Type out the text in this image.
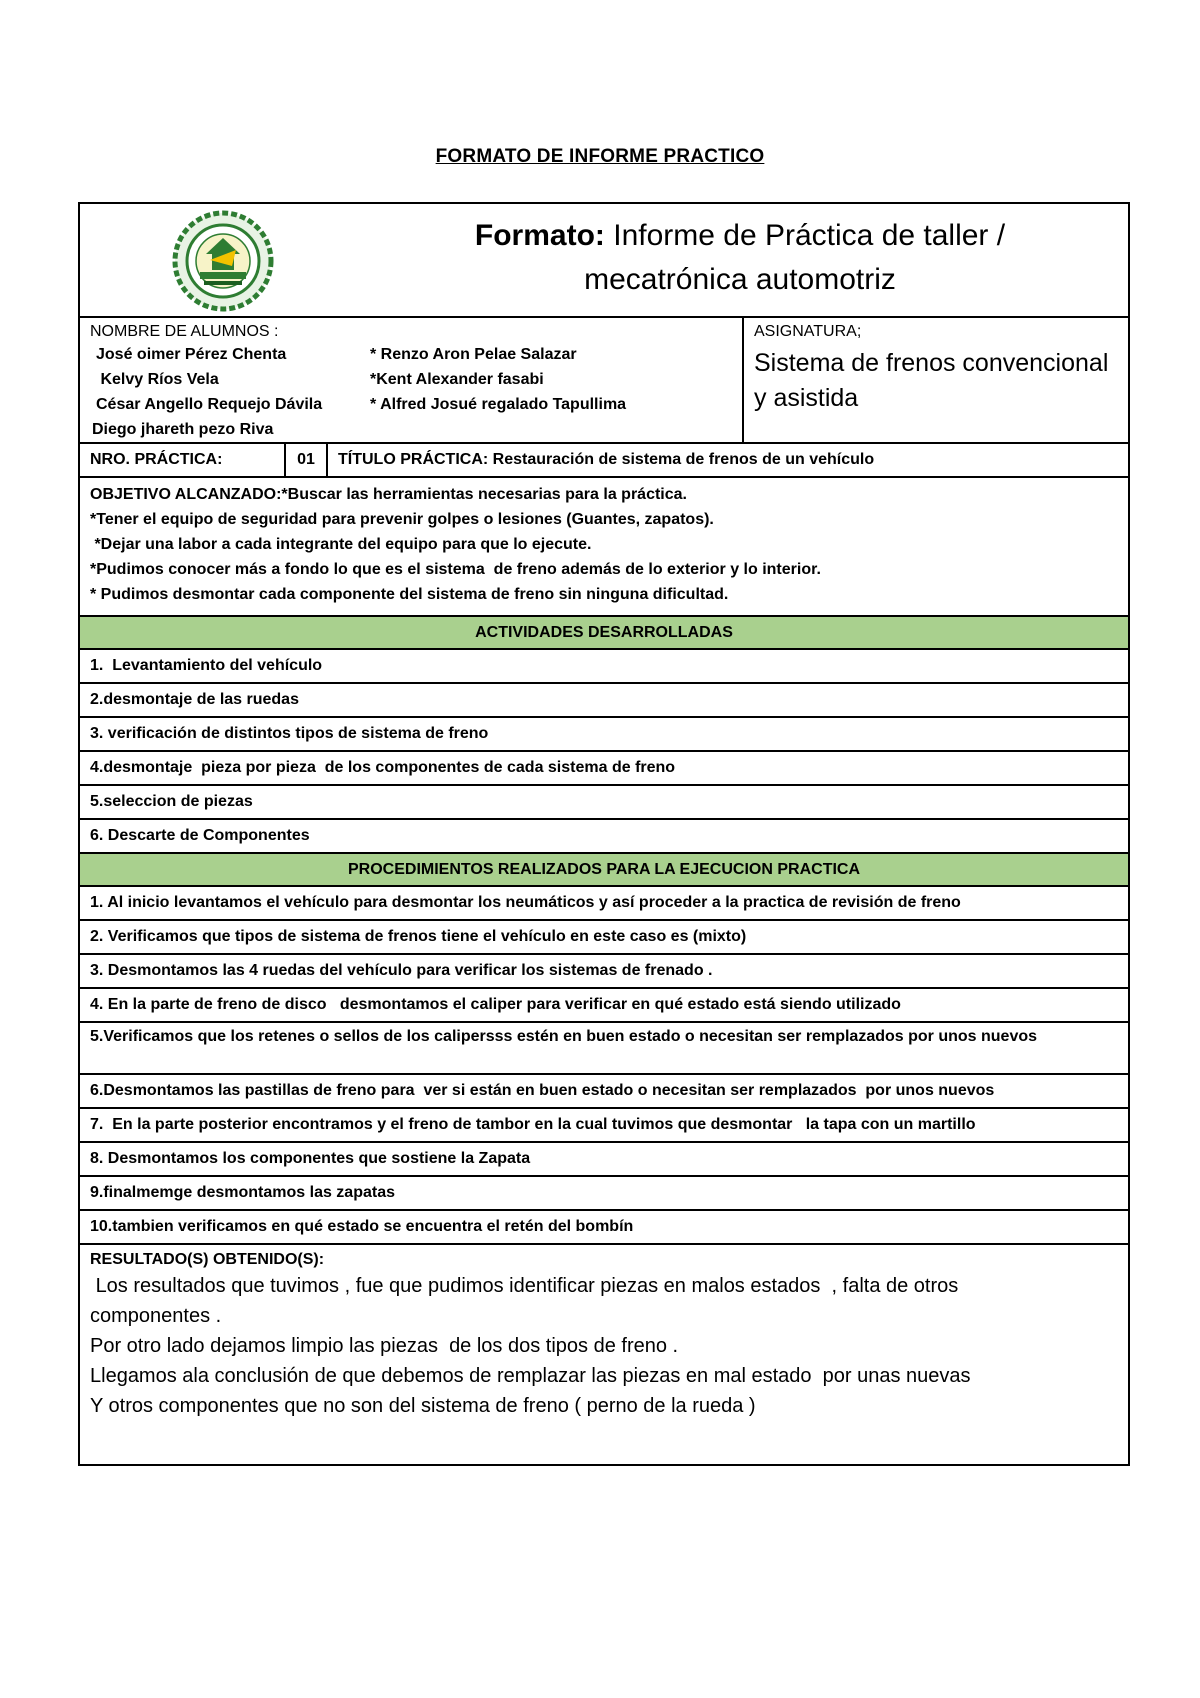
FORMATO DE INFORME PRACTICO
Formato: Informe de Práctica de taller /
mecatrónica automotriz
NOMBRE DE ALUMNOS :
José oimer Pérez Chenta	* Renzo Aron Pelae Salazar
Kelvy Ríos Vela	*Kent Alexander fasabi
César Angello Requejo Dávila	* Alfred Josué regalado Tapullima
Diego jhareth pezo Riva
ASIGNATURA;
Sistema de frenos convencional y asistida
NRO. PRÁCTICA:	01	TÍTULO PRÁCTICA: Restauración de sistema de frenos de un vehículo
OBJETIVO ALCANZADO:*Buscar las herramientas necesarias para la práctica.
*Tener el equipo de seguridad para prevenir golpes o lesiones (Guantes, zapatos).
*Dejar una labor a cada integrante del equipo para que lo ejecute.
*Pudimos conocer más a fondo lo que es el sistema  de freno además de lo exterior y lo interior.
* Pudimos desmontar cada componente del sistema de freno sin ninguna dificultad.
ACTIVIDADES DESARROLLADAS
1.  Levantamiento del vehículo
2.desmontaje de las ruedas
3. verificación de distintos tipos de sistema de freno
4.desmontaje  pieza por pieza  de los componentes de cada sistema de freno
5.seleccion de piezas
6. Descarte de Componentes
PROCEDIMIENTOS REALIZADOS PARA LA EJECUCION PRACTICA
1. Al inicio levantamos el vehículo para desmontar los neumáticos y así proceder a la practica de revisión de freno
2. Verificamos que tipos de sistema de frenos tiene el vehículo en este caso es (mixto)
3. Desmontamos las 4 ruedas del vehículo para verificar los sistemas de frenado .
4. En la parte de freno de disco   desmontamos el caliper para verificar en qué estado está siendo utilizado
5.Verificamos que los retenes o sellos de los calipersss estén en buen estado o necesitan ser remplazados por unos nuevos
6.Desmontamos las pastillas de freno para  ver si están en buen estado o necesitan ser remplazados  por unos nuevos
7.  En la parte posterior encontramos y el freno de tambor en la cual tuvimos que desmontar   la tapa con un martillo
8. Desmontamos los componentes que sostiene la Zapata
9.finalmemge desmontamos las zapatas
10.tambien verificamos en qué estado se encuentra el retén del bombín
RESULTADO(S) OBTENIDO(S):
Los resultados que tuvimos , fue que pudimos identificar piezas en malos estados  , falta de otros
componentes .
Por otro lado dejamos limpio las piezas  de los dos tipos de freno .
Llegamos ala conclusión de que debemos de remplazar las piezas en mal estado  por unas nuevas
Y otros componentes que no son del sistema de freno ( perno de la rueda )
